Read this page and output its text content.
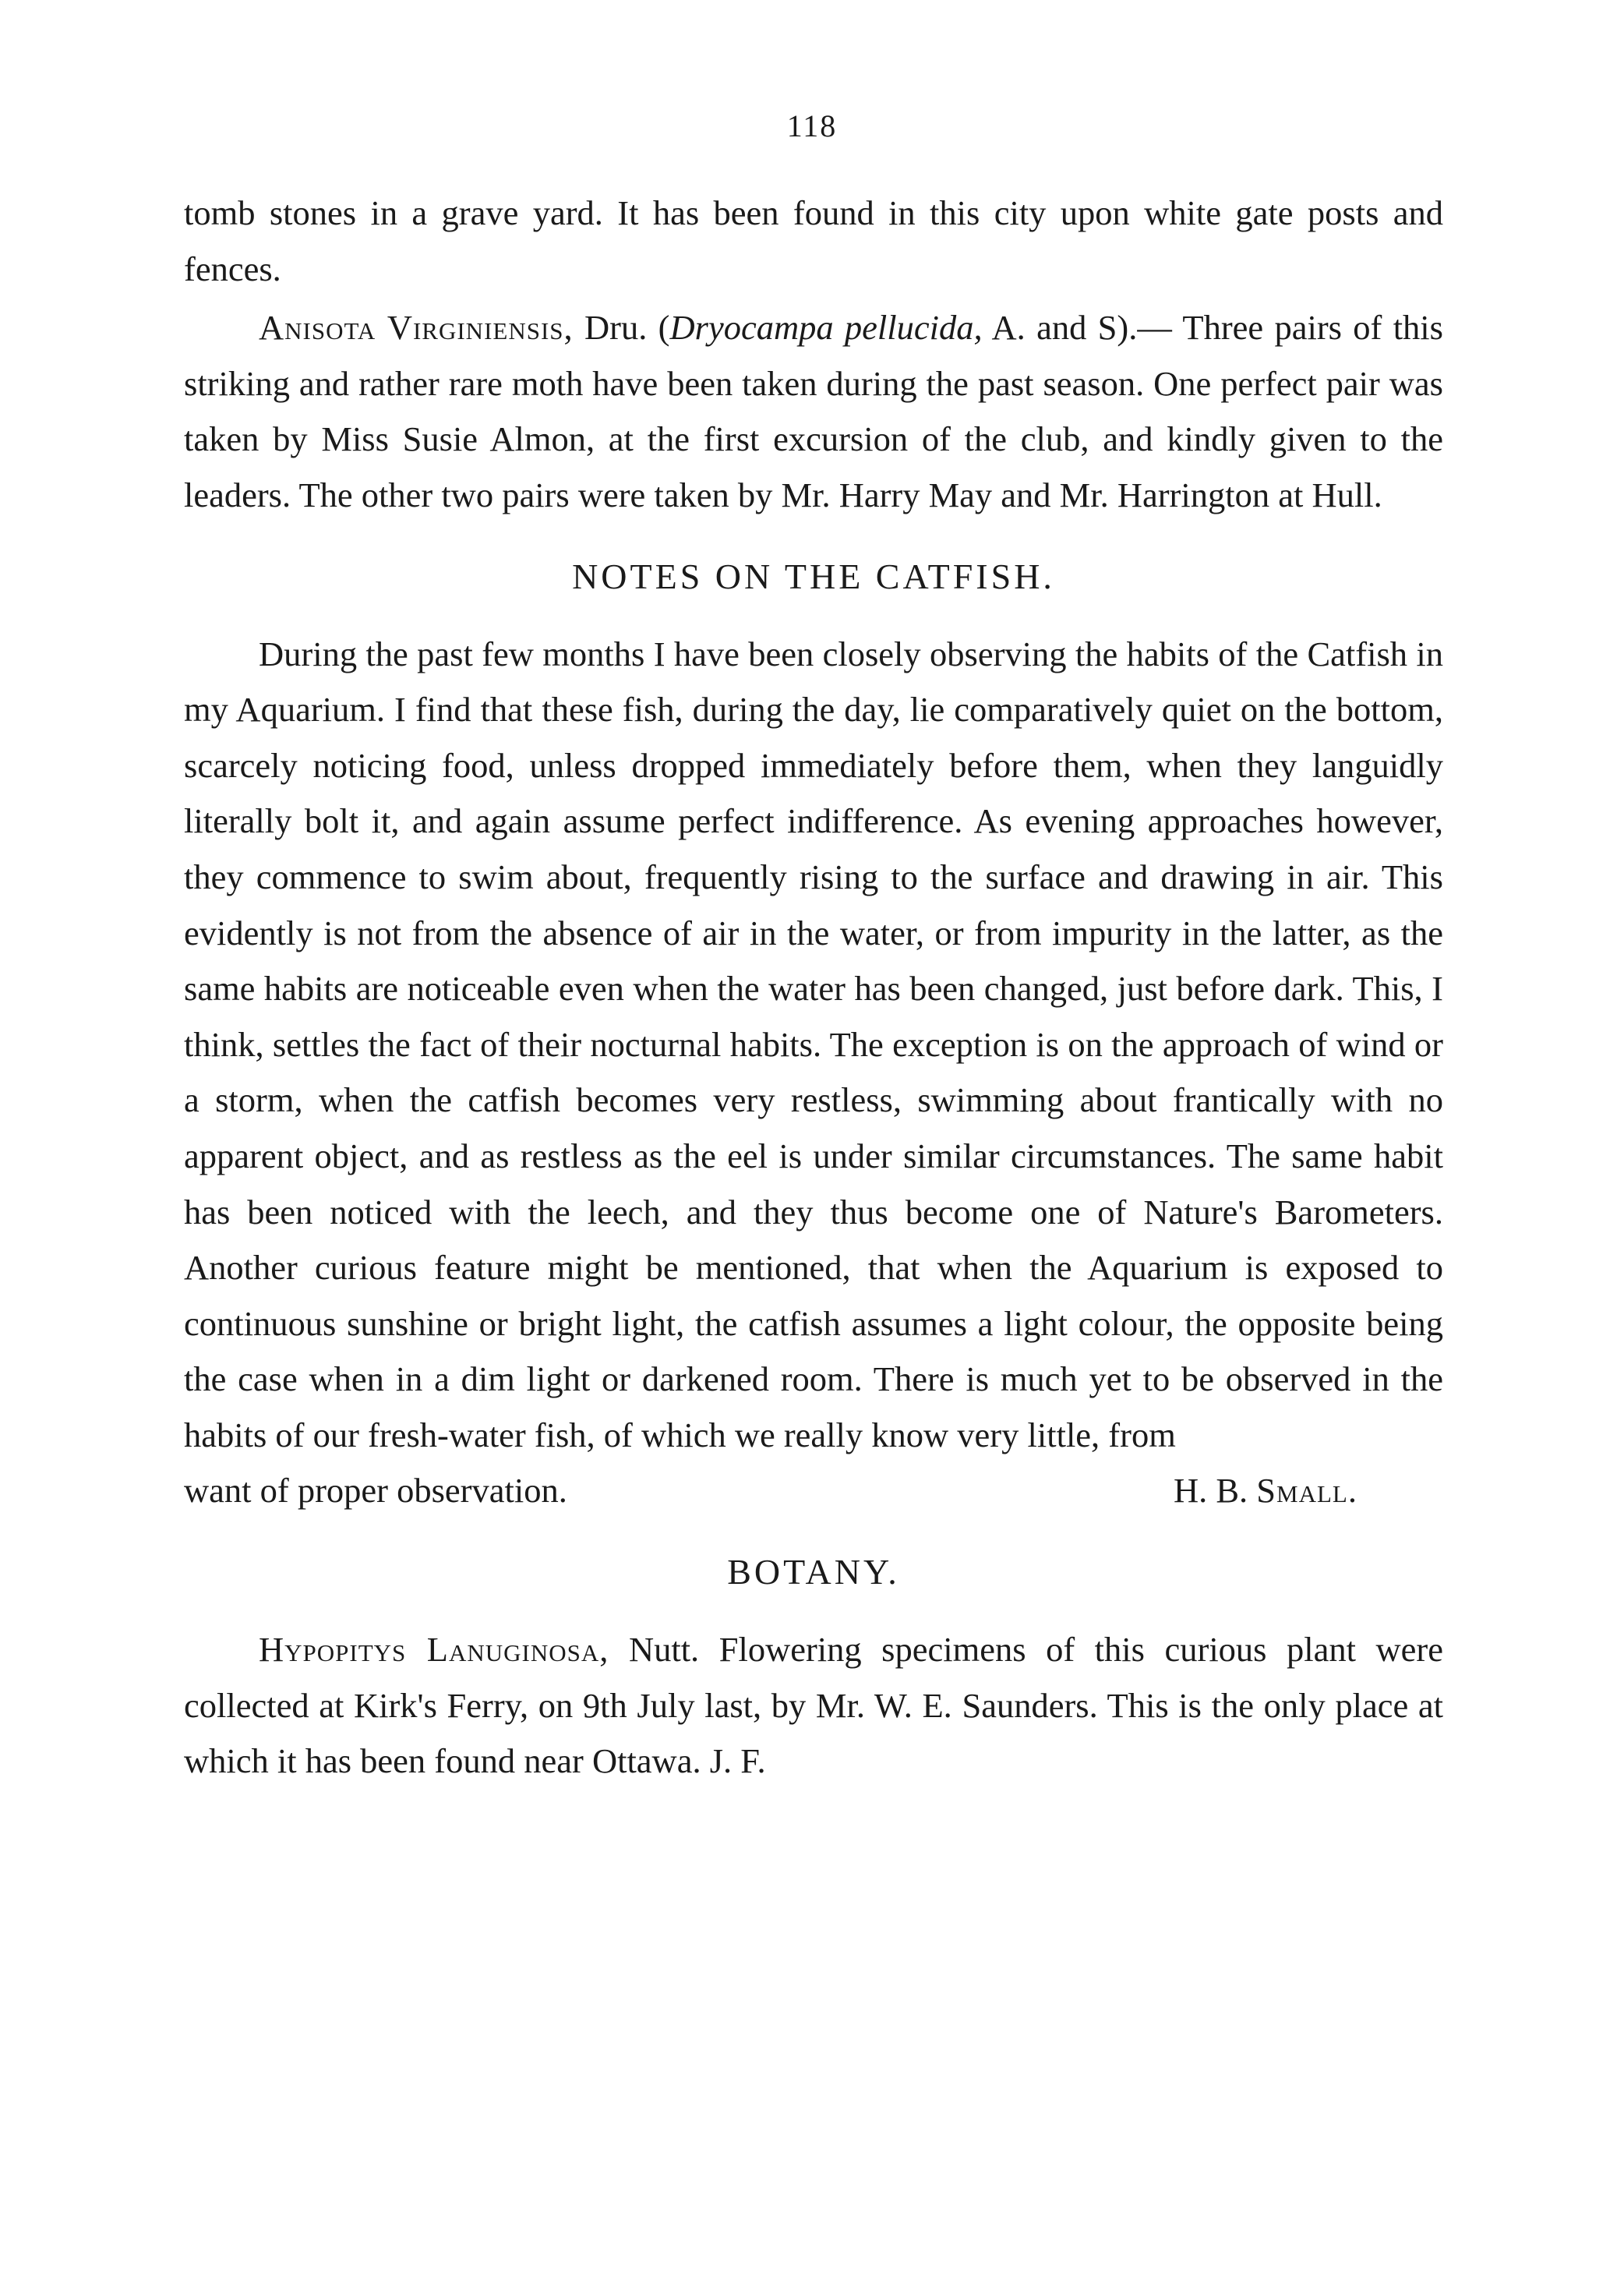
118

tomb stones in a grave yard. It has been found in this city upon white gate posts and fences.

Anisota Virginiensis, Dru. (Dryocampa pellucida, A. and S).— Three pairs of this striking and rather rare moth have been taken during the past season. One perfect pair was taken by Miss Susie Almon, at the first excursion of the club, and kindly given to the leaders. The other two pairs were taken by Mr. Harry May and Mr. Harrington at Hull.

NOTES ON THE CATFISH.

During the past few months I have been closely observing the habits of the Catfish in my Aquarium. I find that these fish, during the day, lie comparatively quiet on the bottom, scarcely noticing food, unless dropped immediately before them, when they languidly literally bolt it, and again assume perfect indifference. As evening approaches however, they commence to swim about, frequently rising to the surface and drawing in air. This evidently is not from the absence of air in the water, or from impurity in the latter, as the same habits are noticeable even when the water has been changed, just before dark. This, I think, settles the fact of their nocturnal habits. The exception is on the approach of wind or a storm, when the catfish becomes very restless, swimming about frantically with no apparent object, and as restless as the eel is under similar circumstances. The same habit has been noticed with the leech, and they thus become one of Nature's Barometers. Another curious feature might be mentioned, that when the Aquarium is exposed to continuous sunshine or bright light, the catfish assumes a light colour, the opposite being the case when in a dim light or darkened room. There is much yet to be observed in the habits of our fresh-water fish, of which we really know very little, from

want of proper observation.	H. B. Small.
BOTANY.

Hypopitys Lanuginosa, Nutt. Flowering specimens of this curious plant were collected at Kirk's Ferry, on 9th July last, by Mr. W. E. Saunders. This is the only place at which it has been found near Ottawa. J. F.
